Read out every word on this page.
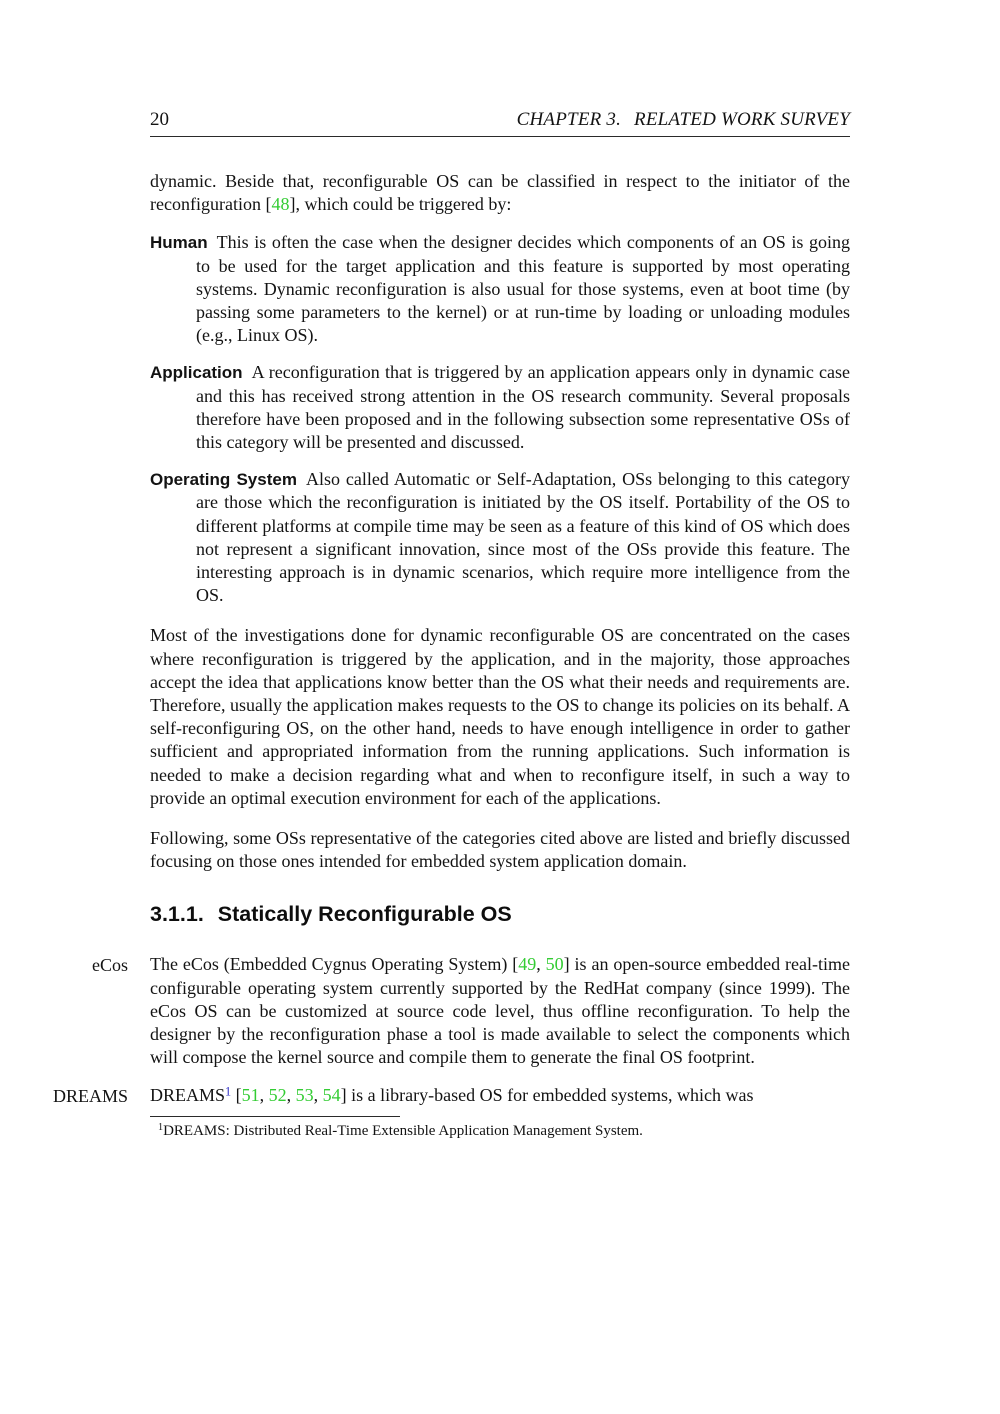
20	CHAPTER 3. RELATED WORK SURVEY

dynamic. Beside that, reconfigurable OS can be classified in respect to the initiator of the reconfiguration [48], which could be triggered by:

Human This is often the case when the designer decides which components of an OS is going to be used for the target application and this feature is supported by most operating systems. Dynamic reconfiguration is also usual for those systems, even at boot time (by passing some parameters to the kernel) or at run-time by loading or unloading modules (e.g., Linux OS).
Application A reconfiguration that is triggered by an application appears only in dynamic case and this has received strong attention in the OS research community. Several proposals therefore have been proposed and in the following subsection some representative OSs of this category will be presented and discussed.
Operating System Also called Automatic or Self-Adaptation, OSs belonging to this category are those which the reconfiguration is initiated by the OS itself. Portability of the OS to different platforms at compile time may be seen as a feature of this kind of OS which does not represent a significant innovation, since most of the OSs provide this feature. The interesting approach is in dynamic scenarios, which require more intelligence from the OS.

Most of the investigations done for dynamic reconfigurable OS are concentrated on the cases where reconfiguration is triggered by the application, and in the majority, those approaches accept the idea that applications know better than the OS what their needs and requirements are. Therefore, usually the application makes requests to the OS to change its policies on its behalf. A self-reconfiguring OS, on the other hand, needs to have enough intelligence in order to gather sufficient and appropriated information from the running applications. Such information is needed to make a decision regarding what and when to reconfigure itself, in such a way to provide an optimal execution environment for each of the applications.

Following, some OSs representative of the categories cited above are listed and briefly discussed focusing on those ones intended for embedded system application domain.

3.1.1. Statically Reconfigurable OS
eCos The eCos (Embedded Cygnus Operating System) [49, 50] is an open-source embedded real-time configurable operating system currently supported by the RedHat company (since 1999). The eCos OS can be customized at source code level, thus offline reconfiguration. To help the designer by the reconfiguration phase a tool is made available to select the components which will compose the kernel source and compile them to generate the final OS footprint.

DREAMS DREAMS$^1$ [51, 52, 53, 54] is a library-based OS for embedded systems, which was

$^1$DREAMS: Distributed Real-Time Extensible Application Management System.
